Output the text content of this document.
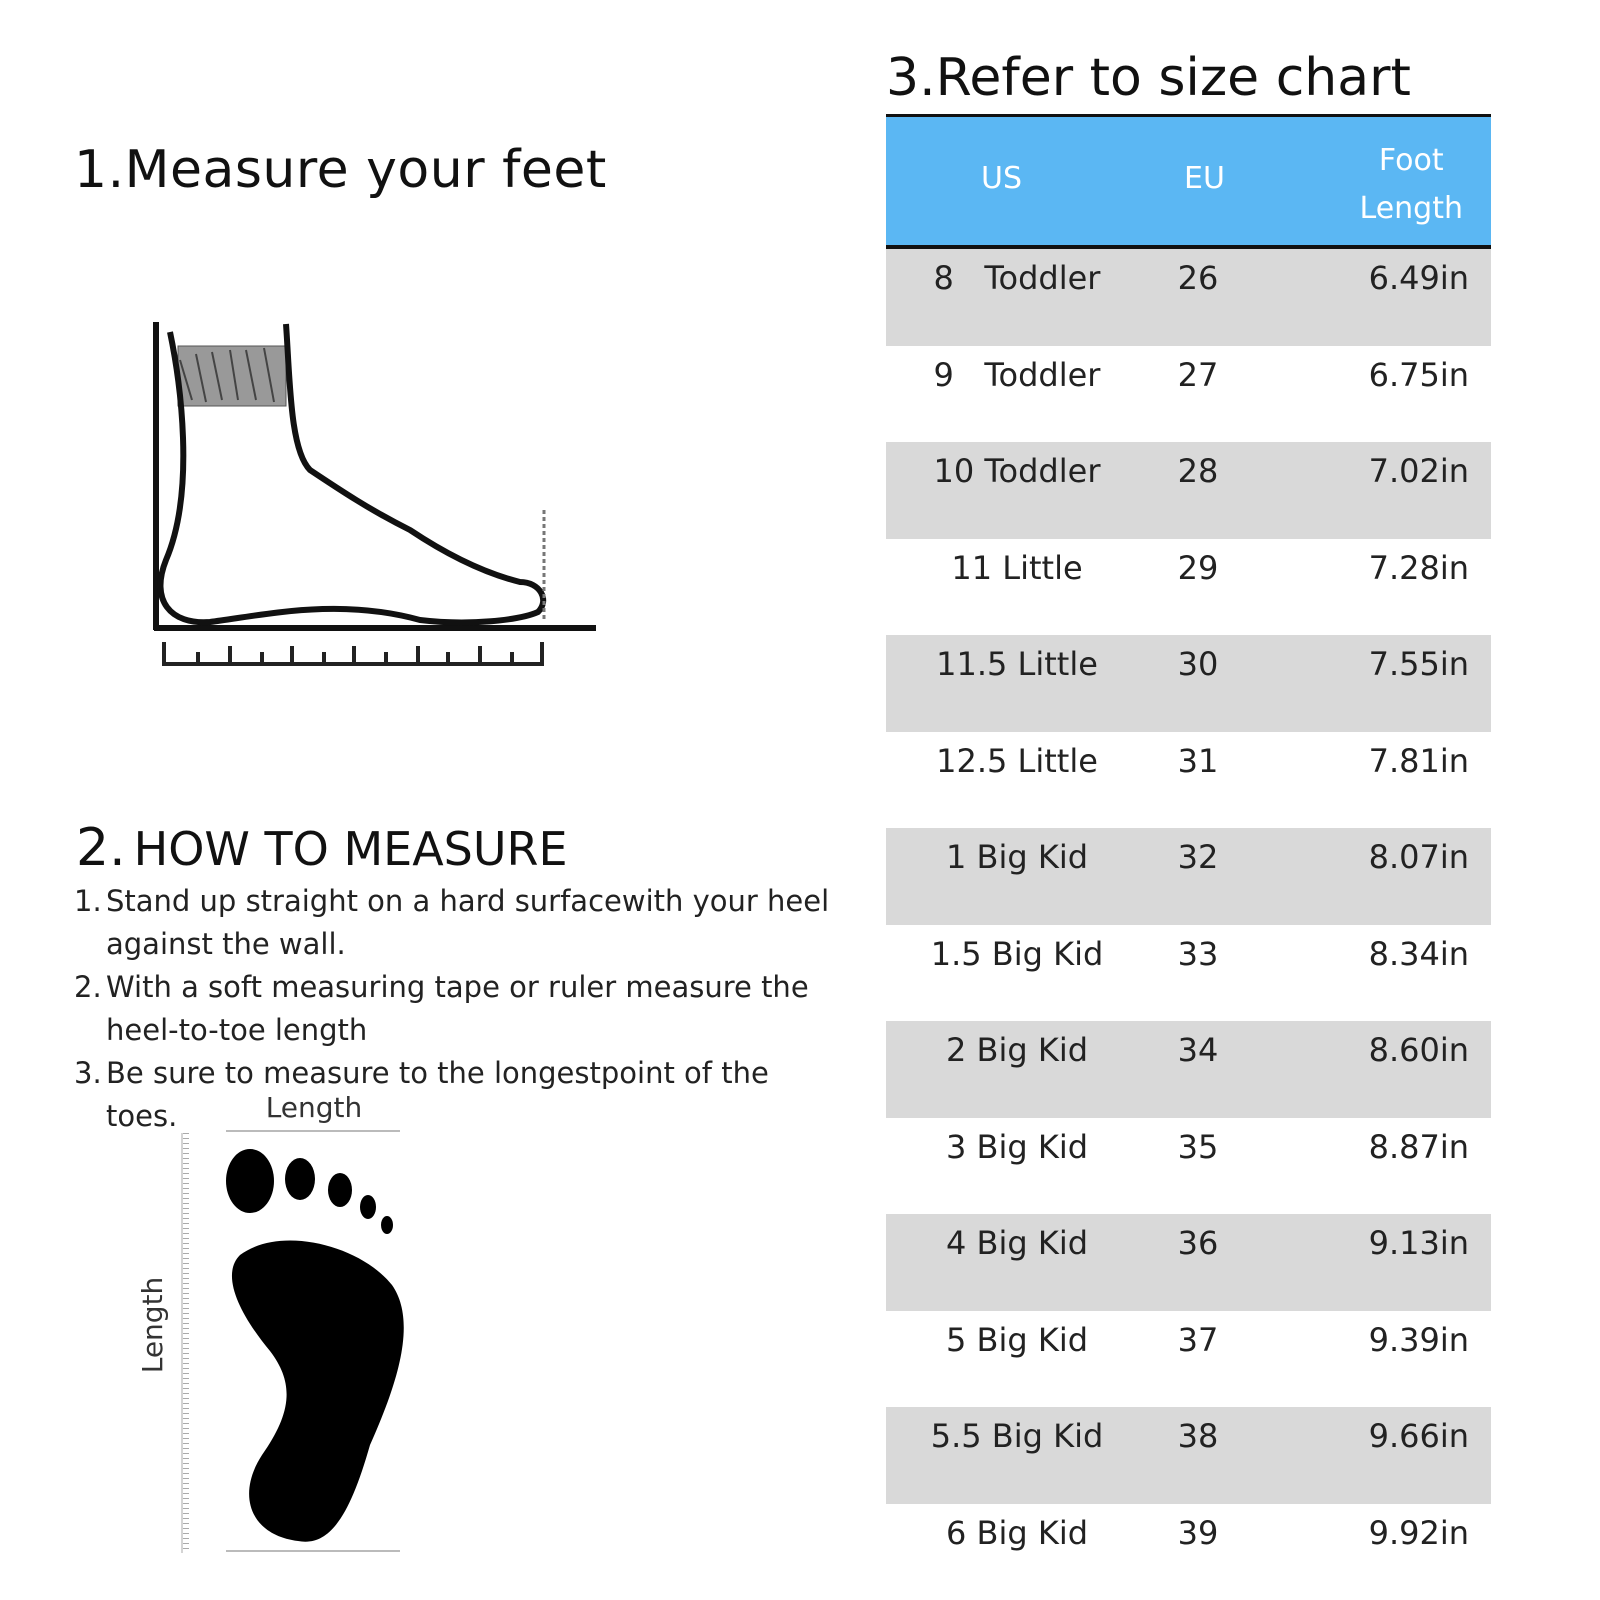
1.Measure your feet
2. HOW TO MEASURE
1. Stand up straight on a hard surfacewith your heel
against the wall.
2. With a soft measuring tape or ruler measure the
heel-to-toe length
3. Be sure to measure to the longestpoint of the toes.	Length
Length
3.Refer to size chart
US	EU
Foot
Length
8   Toddler	26	6.49in
9   Toddler	27	6.75in
10 Toddler	28	7.02in
11 Little	29	7.28in
11.5 Little	30	7.55in
12.5 Little	31	7.81in
1 Big Kid	32	8.07in
1.5 Big Kid	33	8.34in
2 Big Kid	34	8.60in
3 Big Kid	35	8.87in
4 Big Kid	36	9.13in
5 Big Kid	37	9.39in
5.5 Big Kid	38	9.66in
6 Big Kid	39	9.92in
